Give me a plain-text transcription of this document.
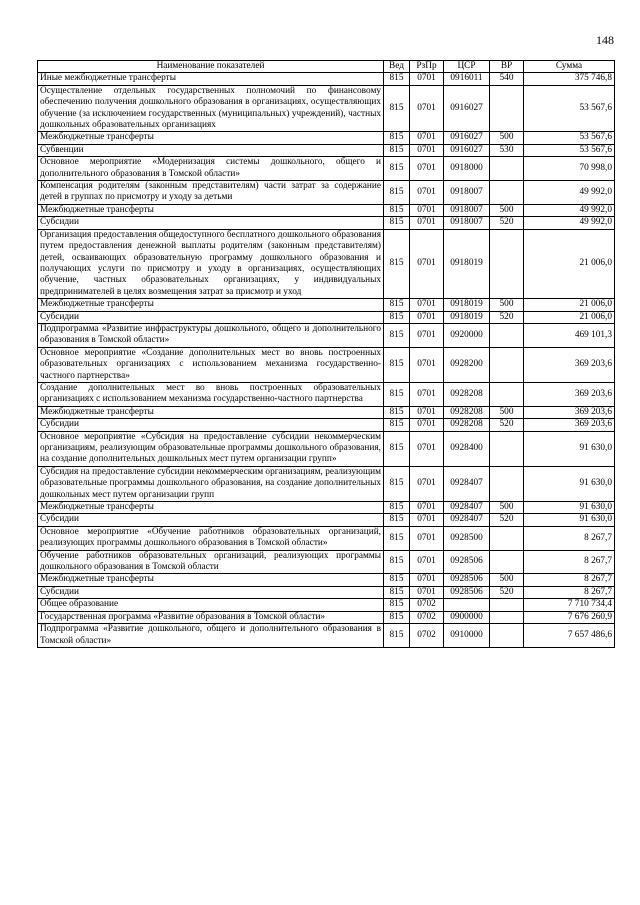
148
Наименование показателей	Вед	РзПр	ЦСР	ВР	Сумма
Иные межбюджетные трансферты	815	0701	0916011	540	375 746,8
Осуществление отдельных государственных полномочий по финансовому обеспечению получения дошкольного образования в организациях, осуществляющих обучение (за исключением государственных (муниципальных) учреждений), частных дошкольных образовательных организациях	815	0701	0916027		53 567,6
Межбюджетные трансферты	815	0701	0916027	500	53 567,6
Субвенции	815	0701	0916027	530	53 567,6
Основное мероприятие «Модернизация системы дошкольного, общего и дополнительного образования в Томской области»	815	0701	0918000		70 998,0
Компенсация родителям (законным представителям) части затрат за содержание детей в группах по присмотру и уходу за детьми	815	0701	0918007		49 992,0
Межбюджетные трансферты	815	0701	0918007	500	49 992,0
Субсидии	815	0701	0918007	520	49 992,0
Организация предоставления общедоступного бесплатного дошкольного образования путем предоставления денежной выплаты родителям (законным представителям) детей, осваивающих образовательную программу дошкольного образования и получающих услуги по присмотру и уходу в организациях, осуществляющих обучение, частных образовательных организациях, у индивидуальных предпринимателей в целях возмещения затрат за присмотр и уход	815	0701	0918019		21 006,0
Межбюджетные трансферты	815	0701	0918019	500	21 006,0
Субсидии	815	0701	0918019	520	21 006,0
Подпрограмма «Развитие инфраструктуры дошкольного, общего и дополнительного образования в Томской области»	815	0701	0920000		469 101,3
Основное мероприятие «Создание дополнительных мест во вновь построенных образовательных организациях с использованием механизма государственно-частного партнерства»	815	0701	0928200		369 203,6
Создание дополнительных мест во вновь построенных образовательных организациях с использованием механизма государственно-частного партнерства	815	0701	0928208		369 203,6
Межбюджетные трансферты	815	0701	0928208	500	369 203,6
Субсидии	815	0701	0928208	520	369 203,6
Основное мероприятие «Субсидия на предоставление субсидии некоммерческим организациям, реализующим образовательные программы дошкольного образования, на создание дополнительных дошкольных мест путем организации групп»	815	0701	0928400		91 630,0
Субсидия на предоставление субсидии некоммерческим организациям, реализующим образовательные программы дошкольного образования, на создание дополнительных дошкольных мест путем организации групп	815	0701	0928407		91 630,0
Межбюджетные трансферты	815	0701	0928407	500	91 630,0
Субсидии	815	0701	0928407	520	91 630,0
Основное мероприятие «Обучение работников образовательных организаций, реализующих программы дошкольного образования в Томской области»	815	0701	0928500		8 267,7
Обучение работников образовательных организаций, реализующих программы дошкольного образования в Томской области	815	0701	0928506		8 267,7
Межбюджетные трансферты	815	0701	0928506	500	8 267,7
Субсидии	815	0701	0928506	520	8 267,7
Общее образование	815	0702			7 710 734,4
Государственная программа «Развитие образования в Томской области»	815	0702	0900000		7 676 260,9
Подпрограмма «Развитие дошкольного, общего и дополнительного образования в Томской области»	815	0702	0910000		7 657 486,6
